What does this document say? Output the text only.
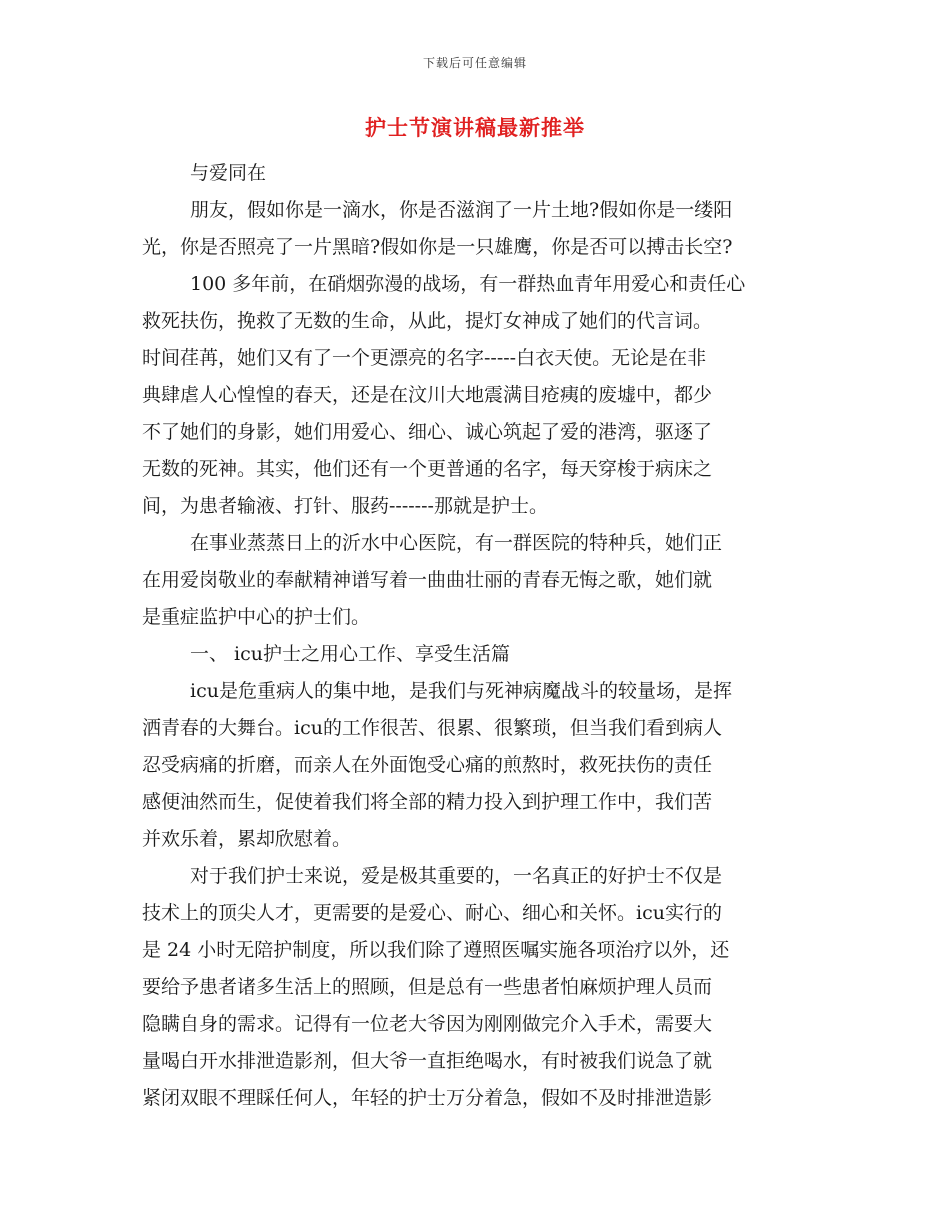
下载后可任意编辑
护士节演讲稿最新推举
与爱同在
朋友，假如你是一滴水，你是否滋润了一片土地?假如你是一缕阳
光，你是否照亮了一片黑暗?假如你是一只雄鹰，你是否可以搏击长空?
100 多年前，在硝烟弥漫的战场，有一群热血青年用爱心和责任心
救死扶伤，挽救了无数的生命，从此，提灯女神成了她们的代言词。
时间荏苒，她们又有了一个更漂亮的名字-----白衣天使。无论是在非
典肆虐人心惶惶的春天，还是在汶川大地震满目疮痍的废墟中，都少
不了她们的身影，她们用爱心、细心、诚心筑起了爱的港湾，驱逐了
无数的死神。其实，他们还有一个更普通的名字，每天穿梭于病床之
间，为患者输液、打针、服药-------那就是护士。
在事业蒸蒸日上的沂水中心医院，有一群医院的特种兵，她们正
在用爱岗敬业的奉献精神谱写着一曲曲壮丽的青春无悔之歌，她们就
是重症监护中心的护士们。
一、 icu护士之用心工作、享受生活篇
icu是危重病人的集中地，是我们与死神病魔战斗的较量场，是挥
洒青春的大舞台。icu的工作很苦、很累、很繁琐，但当我们看到病人
忍受病痛的折磨，而亲人在外面饱受心痛的煎熬时，救死扶伤的责任
感便油然而生，促使着我们将全部的精力投入到护理工作中，我们苦
并欢乐着，累却欣慰着。
对于我们护士来说，爱是极其重要的，一名真正的好护士不仅是
技术上的顶尖人才，更需要的是爱心、耐心、细心和关怀。icu实行的
是 24 小时无陪护制度，所以我们除了遵照医嘱实施各项治疗以外，还
要给予患者诸多生活上的照顾，但是总有一些患者怕麻烦护理人员而
隐瞒自身的需求。记得有一位老大爷因为刚刚做完介入手术，需要大
量喝白开水排泄造影剂，但大爷一直拒绝喝水，有时被我们说急了就
紧闭双眼不理睬任何人，年轻的护士万分着急，假如不及时排泄造影
